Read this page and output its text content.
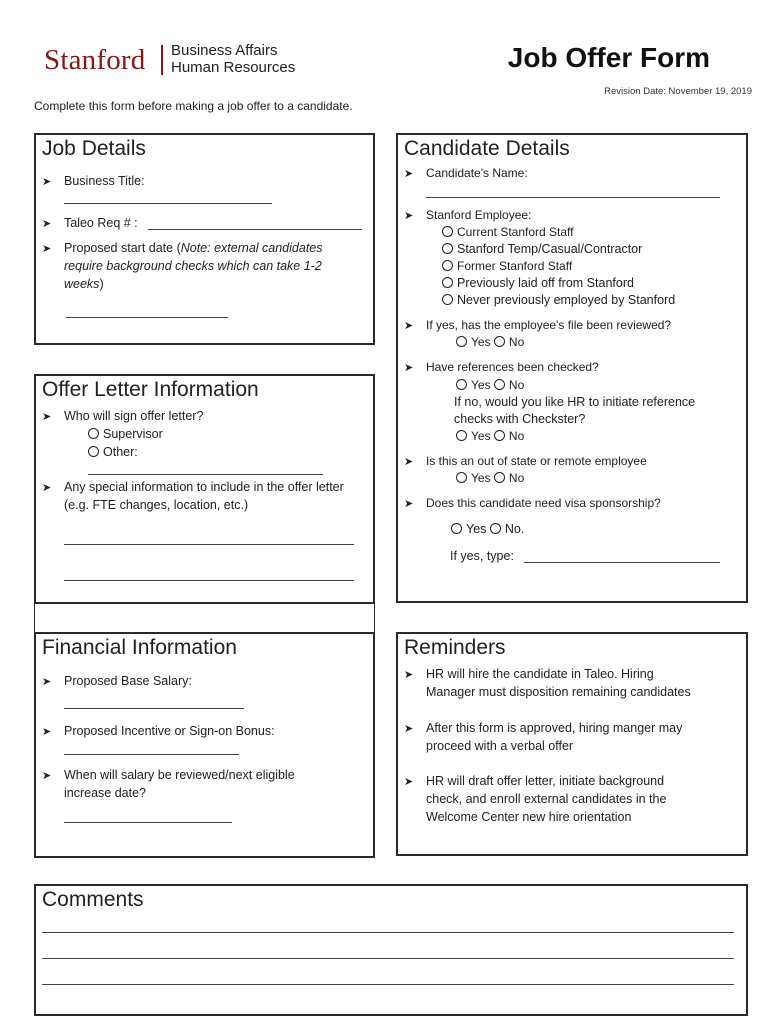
Stanford Business Affairs
Human Resources	Job Offer Form
Revision Date: November 19, 2019
Complete this form before making a job offer to a candidate.
Job Details
➤ Business Title:
➤ Taleo Req # :
➤ Proposed start date (Note: external candidates
require background checks which can take 1-2
weeks)
Offer Letter Information
➤ Who will sign offer letter?
Supervisor
Other:
➤ Any special information to include in the offer letter
(e.g. FTE changes, location, etc.)
Financial Information
➤ Proposed Base Salary:
➤ Proposed Incentive or Sign-on Bonus:
➤ When will salary be reviewed/next eligible
increase date?
Candidate Details
➤ Candidate's Name:
➤ Stanford Employee:
Current Stanford Staff
Stanford Temp/Casual/Contractor
Former Stanford Staff
Previously laid off from Stanford
Never previously employed by Stanford
➤ If yes, has the employee's file been reviewed?
Yes No
➤ Have references been checked?
Yes No
If no, would you like HR to initiate reference
checks with Checkster?
Yes No
➤ Is this an out of state or remote employee
Yes No
➤ Does this candidate need visa sponsorship?
Yes No.
If yes, type:
Reminders
➤ HR will hire the candidate in Taleo. Hiring
Manager must disposition remaining candidates
➤ After this form is approved, hiring manger may
proceed with a verbal offer
➤ HR will draft offer letter, initiate background
check, and enroll external candidates in the
Welcome Center new hire orientation
Comments
